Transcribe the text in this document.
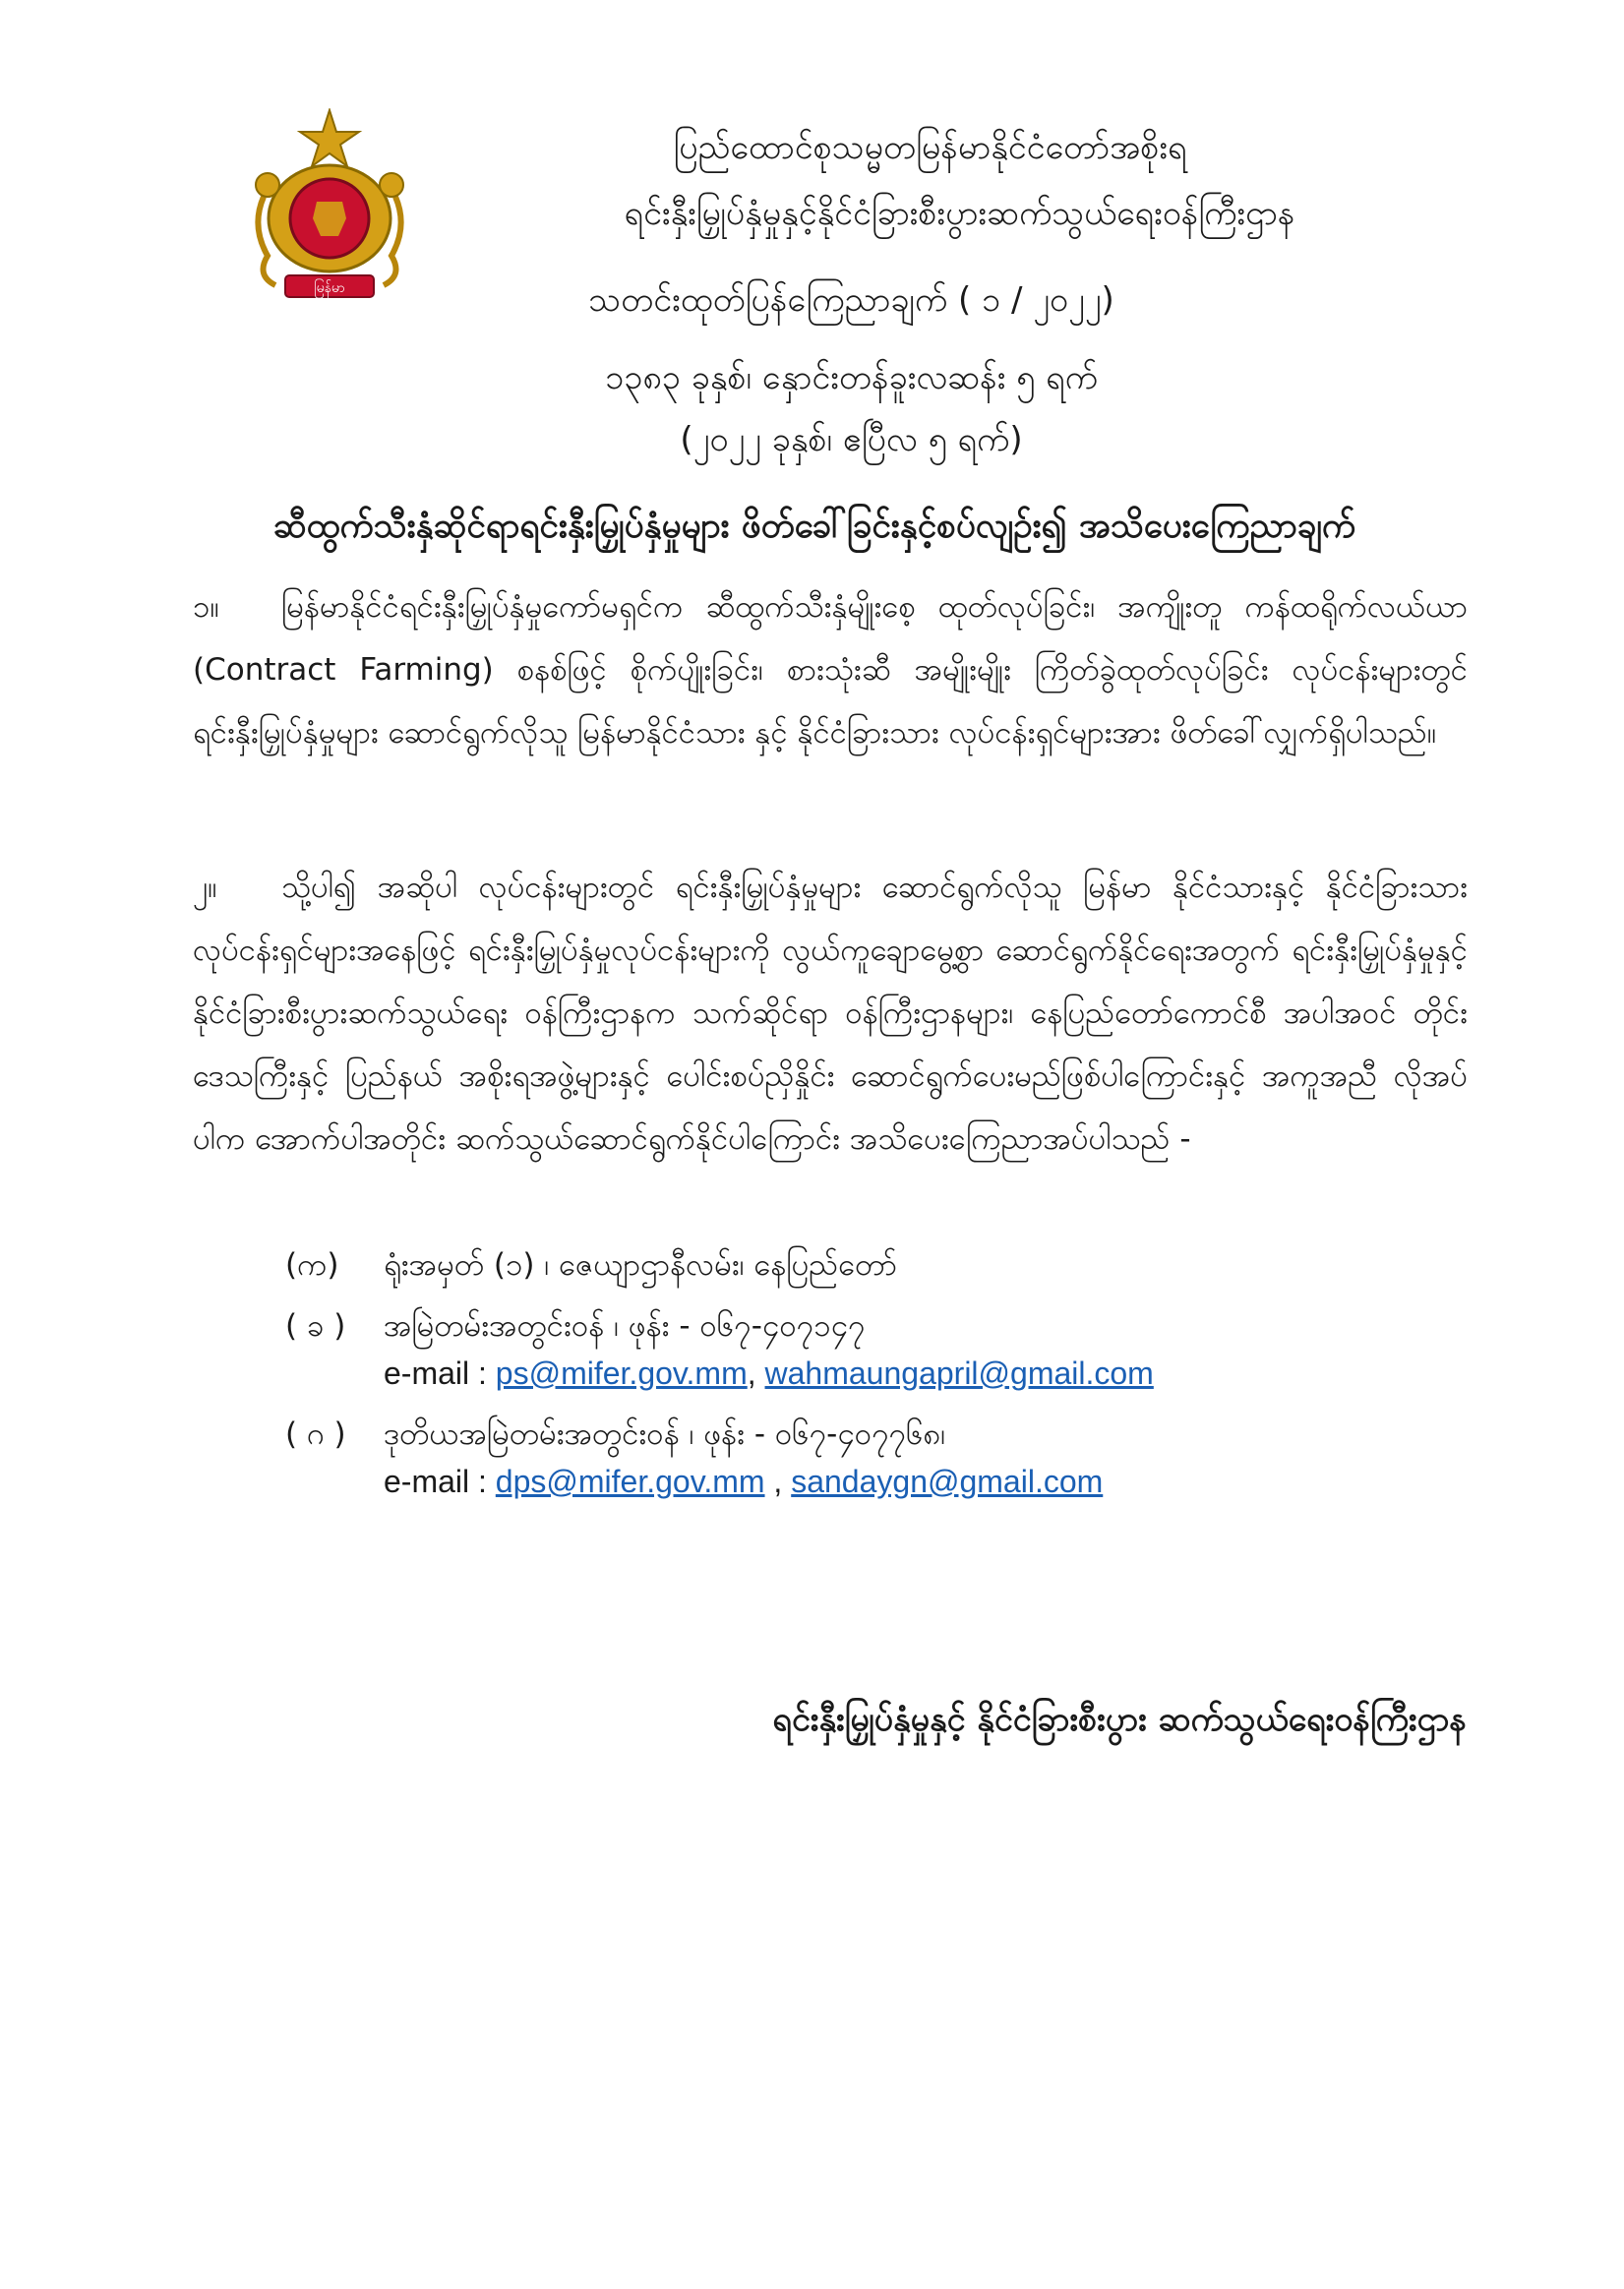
မြန်မာ
ပြည်ထောင်စုသမ္မတမြန်မာနိုင်ငံတော်အစိုးရ
ရင်းနှီးမြှုပ်နှံမှုနှင့်နိုင်ငံခြားစီးပွားဆက်သွယ်ရေးဝန်ကြီးဌာန
သတင်းထုတ်ပြန်ကြေညာချက် ( ၁ / ၂၀၂၂)
၁၃၈၃ ခုနှစ်၊ နှောင်းတန်ခူးလဆန်း ၅ ရက်
(၂၀၂၂ ခုနှစ်၊ ဧပြီလ ၅ ရက်)
ဆီထွက်သီးနှံဆိုင်ရာရင်းနှီးမြှုပ်နှံမှုများ ဖိတ်ခေါ်ခြင်းနှင့်စပ်လျဉ်း၍ အသိပေးကြေညာချက်
၁။ မြန်မာနိုင်ငံရင်းနှီးမြှုပ်နှံမှုကော်မရှင်က ဆီထွက်သီးနှံမျိုးစေ့ ထုတ်လုပ်ခြင်း၊ အကျိုးတူ ကန်ထရိုက်လယ်ယာ (Contract Farming) စနစ်ဖြင့် စိုက်ပျိုးခြင်း၊ စားသုံးဆီ အမျိုးမျိုး ကြိတ်ခွဲထုတ်လုပ်ခြင်း လုပ်ငန်းများတွင် ရင်းနှီးမြှုပ်နှံမှုများ ဆောင်ရွက်လိုသူ မြန်မာနိုင်ငံသား နှင့် နိုင်ငံခြားသား လုပ်ငန်းရှင်များအား ဖိတ်ခေါ်လျှက်ရှိပါသည်။
၂။ သို့ပါ၍ အဆိုပါ လုပ်ငန်းများတွင် ရင်းနှီးမြှုပ်နှံမှုများ ဆောင်ရွက်လိုသူ မြန်မာ နိုင်ငံသားနှင့် နိုင်ငံခြားသား လုပ်ငန်းရှင်များအနေဖြင့် ရင်းနှီးမြှုပ်နှံမှုလုပ်ငန်းများကို လွယ်ကူချောမွေ့စွာ ဆောင်ရွက်နိုင်ရေးအတွက် ရင်းနှီးမြှုပ်နှံမှုနှင့် နိုင်ငံခြားစီးပွားဆက်သွယ်ရေး ဝန်ကြီးဌာနက သက်ဆိုင်ရာ ဝန်ကြီးဌာနများ၊ နေပြည်တော်ကောင်စီ အပါအဝင် တိုင်းဒေသကြီးနှင့် ပြည်နယ် အစိုးရအဖွဲ့များနှင့် ပေါင်းစပ်ညှိနှိုင်း ဆောင်ရွက်ပေးမည်ဖြစ်ပါကြောင်းနှင့် အကူအညီ လိုအပ် ပါက အောက်ပါအတိုင်း ဆက်သွယ်ဆောင်ရွက်နိုင်ပါကြောင်း အသိပေးကြေညာအပ်ပါသည် -
(က)	ရုံးအမှတ် (၁) ၊ ဇေယျာဌာနီလမ်း၊ နေပြည်တော်
( ခ )	အမြဲတမ်းအတွင်းဝန် ၊ ဖုန်း - ၀၆၇-၄၀၇၁၄၇
e-mail : ps@mifer.gov.mm, wahmaungapril@gmail.com
( ဂ )	ဒုတိယအမြဲတမ်းအတွင်းဝန် ၊ ဖုန်း - ၀၆၇-၄၀၇၇၆၈၊
e-mail : dps@mifer.gov.mm , sandaygn@gmail.com
ရင်းနှီးမြှုပ်နှံမှုနှင့် နိုင်ငံခြားစီးပွား ဆက်သွယ်ရေးဝန်ကြီးဌာန
